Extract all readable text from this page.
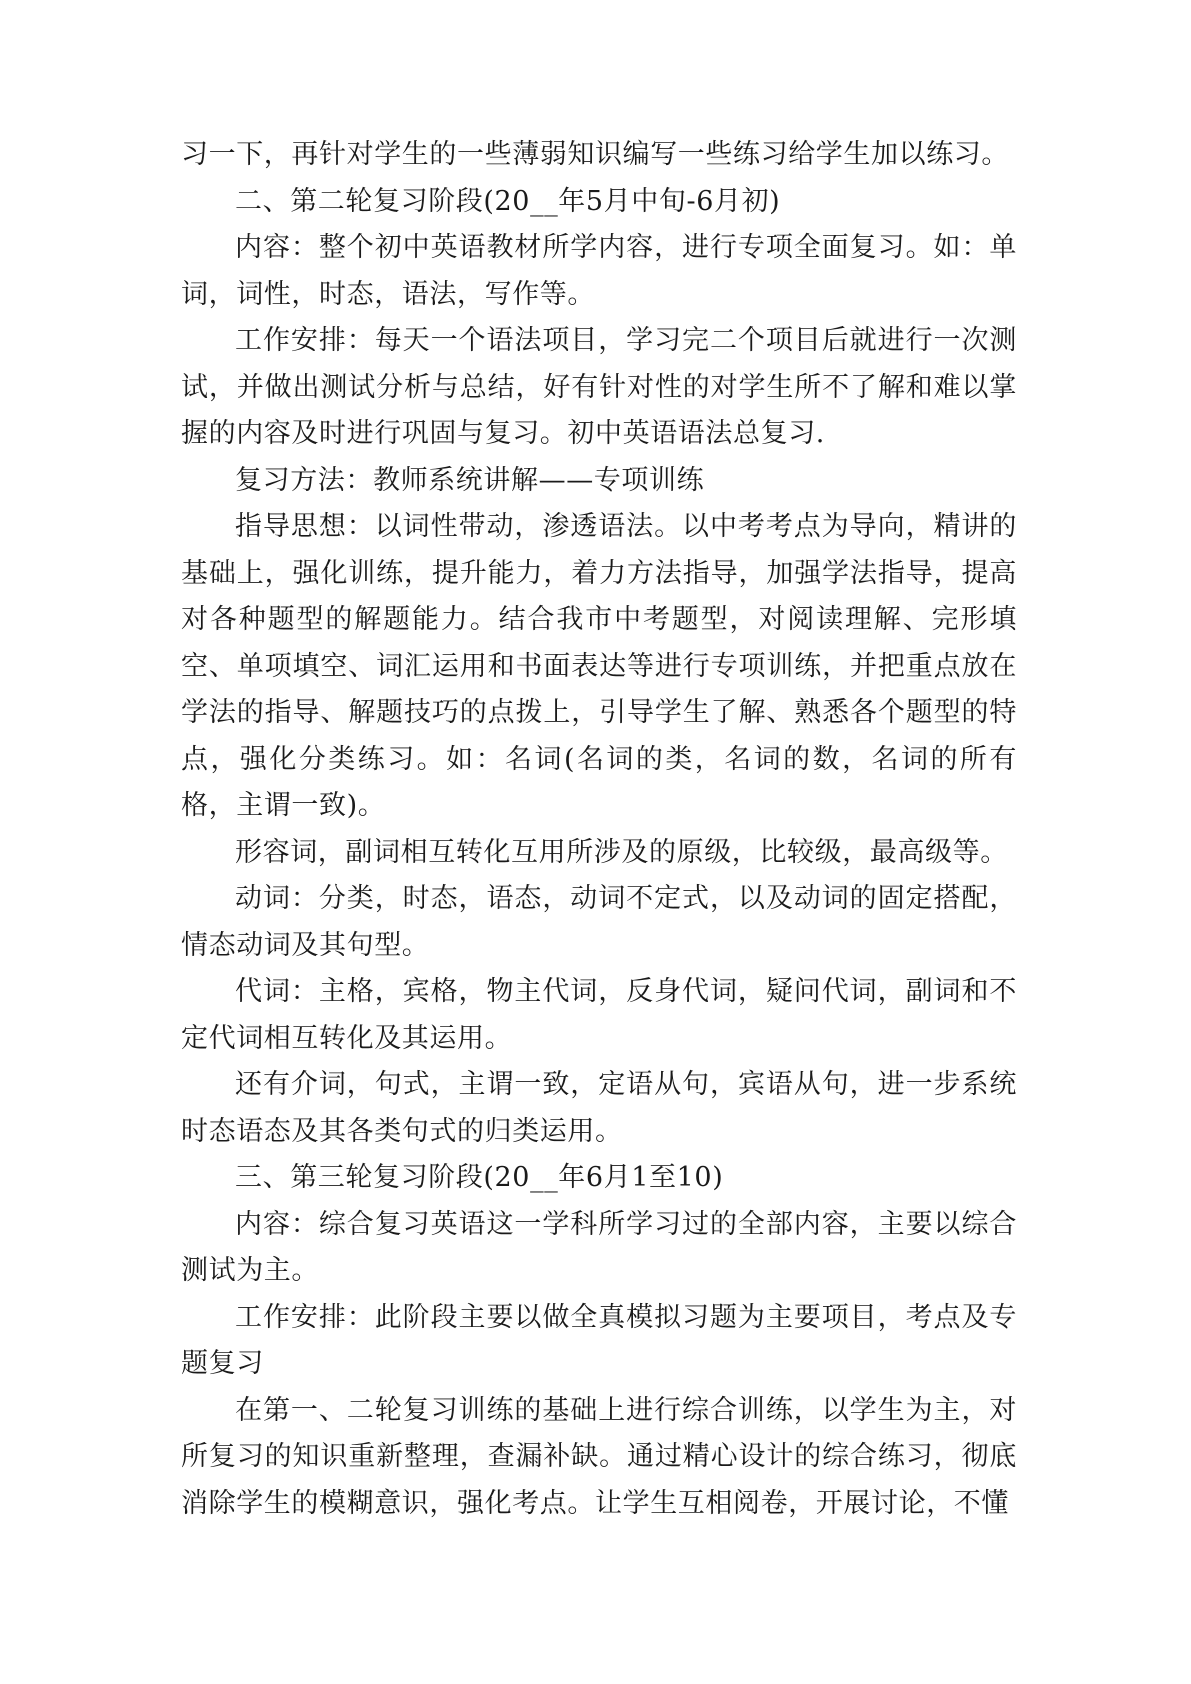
习一下，再针对学生的一些薄弱知识编写一些练习给学生加以练习。

二、第二轮复习阶段(20__年5月中旬-6月初)

内容：整个初中英语教材所学内容，进行专项全面复习。如：单词，词性，时态，语法，写作等。

工作安排：每天一个语法项目，学习完二个项目后就进行一次测试，并做出测试分析与总结，好有针对性的对学生所不了解和难以掌握的内容及时进行巩固与复习。初中英语语法总复习.

复习方法：教师系统讲解——专项训练

指导思想：以词性带动，渗透语法。以中考考点为导向，精讲的基础上，强化训练，提升能力，着力方法指导，加强学法指导，提高对各种题型的解题能力。结合我市中考题型，对阅读理解、完形填空、单项填空、词汇运用和书面表达等进行专项训练，并把重点放在学法的指导、解题技巧的点拨上，引导学生了解、熟悉各个题型的特点，强化分类练习。如：名词(名词的类，名词的数，名词的所有格，主谓一致)。

形容词，副词相互转化互用所涉及的原级，比较级，最高级等。

动词：分类，时态，语态，动词不定式，以及动词的固定搭配，情态动词及其句型。

代词：主格，宾格，物主代词，反身代词，疑问代词，副词和不定代词相互转化及其运用。

还有介词，句式，主谓一致，定语从句，宾语从句，进一步系统时态语态及其各类句式的归类运用。

三、第三轮复习阶段(20__年6月1至10)

内容：综合复习英语这一学科所学习过的全部内容，主要以综合测试为主。

工作安排：此阶段主要以做全真模拟习题为主要项目，考点及专题复习

在第一、二轮复习训练的基础上进行综合训练，以学生为主，对所复习的知识重新整理，查漏补缺。通过精心设计的综合练习，彻底消除学生的模糊意识，强化考点。让学生互相阅卷，开展讨论，不懂
